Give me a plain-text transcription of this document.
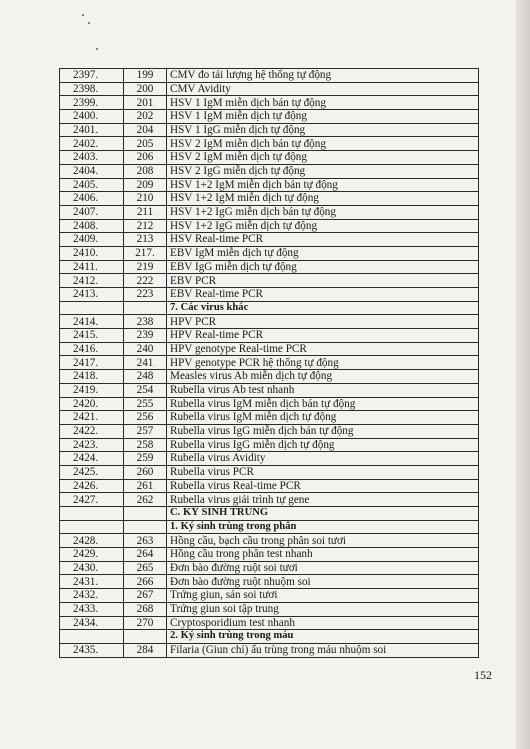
2397.	199	CMV đo tải lượng hệ thống tự động
2398.	200	CMV Avidity
2399.	201	HSV 1 IgM miễn dịch bán tự động
2400.	202	HSV 1 IgM miễn dịch tự động
2401.	204	HSV 1 IgG miễn dịch tự động
2402.	205	HSV 2 IgM miễn dịch bán tự động
2403.	206	HSV 2 IgM miễn dịch tự động
2404.	208	HSV 2 IgG miễn dịch tự động
2405.	209	HSV 1+2 IgM miễn dịch bán tự động
2406.	210	HSV 1+2 IgM miễn dịch tự động
2407.	211	HSV 1+2 IgG miễn dịch bán tự động
2408.	212	HSV 1+2 IgG miễn dịch tự động
2409.	213	HSV Real-time PCR
2410.	217.	EBV IgM miễn dịch tự động
2411.	219	EBV IgG miễn dịch tự động
2412.	222	EBV PCR
2413.	223	EBV Real-time PCR
		7. Các virus khác
2414.	238	HPV PCR
2415.	239	HPV Real-time PCR
2416.	240	HPV genotype Real-time PCR
2417.	241	HPV genotype PCR hệ thống tự động
2418.	248	Measles virus Ab miễn dịch tự động
2419.	254	Rubella virus Ab test nhanh
2420.	255	Rubella virus IgM miễn dịch bán tự động
2421.	256	Rubella virus IgM miễn dịch tự động
2422.	257	Rubella virus IgG miễn dịch bán tự động
2423.	258	Rubella virus IgG miễn dịch tự động
2424.	259	Rubella virus Avidity
2425.	260	Rubella virus PCR
2426.	261	Rubella virus Real-time PCR
2427.	262	Rubella virus giải trình tự gene
		C. KÝ SINH TRÙNG
		1. Ký sinh trùng trong phân
2428.	263	Hồng cầu, bạch cầu trong phân soi tươi
2429.	264	Hồng cầu trong phân test nhanh
2430.	265	Đơn bào đường ruột soi tươi
2431.	266	Đơn bào đường ruột nhuộm soi
2432.	267	Trứng giun, sán soi tươi
2433.	268	Trứng giun soi tập trung
2434.	270	Cryptosporidium test nhanh
		2. Ký sinh trùng trong máu
2435.	284	Filaria (Giun chỉ) ấu trùng trong máu nhuộm soi
152
